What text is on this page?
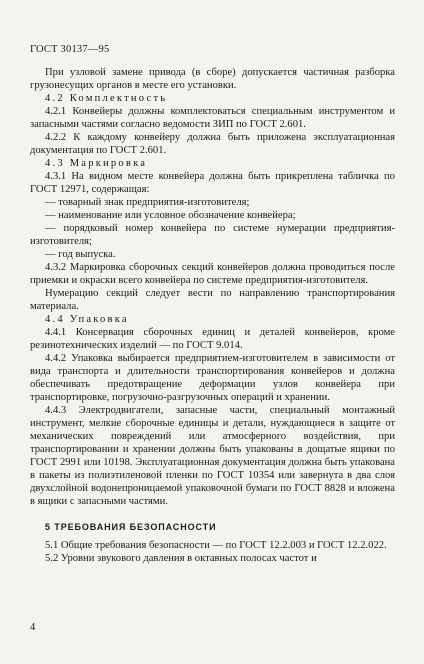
ГОСТ 30137—95

При узловой замене привода (в сборе) допускается частичная разборка грузонесущих органов в месте его установки.

4.2 Комплектность

4.2.1 Конвейеры должны комплектоваться специальным инструментом и запасными частями согласно ведомости ЗИП по ГОСТ 2.601.

4.2.2 К каждому конвейеру должна быть приложена эксплуатационная документация по ГОСТ 2.601.

4.3 Маркировка

4.3.1 На видном месте конвейера должна быть прикреплена табличка по ГОСТ 12971, содержащая:

— товарный знак предприятия-изготовителя;

— наименование или условное обозначение конвейера;

— порядковый номер конвейера по системе нумерации предприятия-изготовителя;

— год выпуска.

4.3.2 Маркировка сборочных секций конвейеров должна проводиться после приемки и окраски всего конвейера по системе предприятия-изготовителя.

Нумерацию секций следует вести по направлению транспортирования материала.

4.4 Упаковка

4.4.1 Консервация сборочных единиц и деталей конвейеров, кроме резинотехнических изделий — по ГОСТ 9.014.

4.4.2 Упаковка выбирается предприятием-изготовителем в зависимости от вида транспорта и длительности транспортирования конвейеров и должна обеспечивать предотвращение деформации узлов конвейера при транспортировке, погрузочно-разгрузочных операций и хранении.

4.4.3 Электродвигатели, запасные части, специальный монтажный инструмент, мелкие сборочные единицы и детали, нуждающиеся в защите от механических повреждений или атмосферного воздействия, при транспортировании и хранении должны быть упакованы в дощатые ящики по ГОСТ 2991 или 10198. Эксплуатационная документация должна быть упакована в пакеты из полиэтиленовой пленки по ГОСТ 10354 или завернута в два слоя двухслойной водонепроницаемой упаковочной бумаги по ГОСТ 8828 и вложена в ящики с запасными частями.

5 ТРЕБОВАНИЯ БЕЗОПАСНОСТИ

5.1 Общие требования безопасности — по ГОСТ 12.2.003 и ГОСТ 12.2.022.

5.2 Уровни звукового давления в октавных полосах частот и

4
